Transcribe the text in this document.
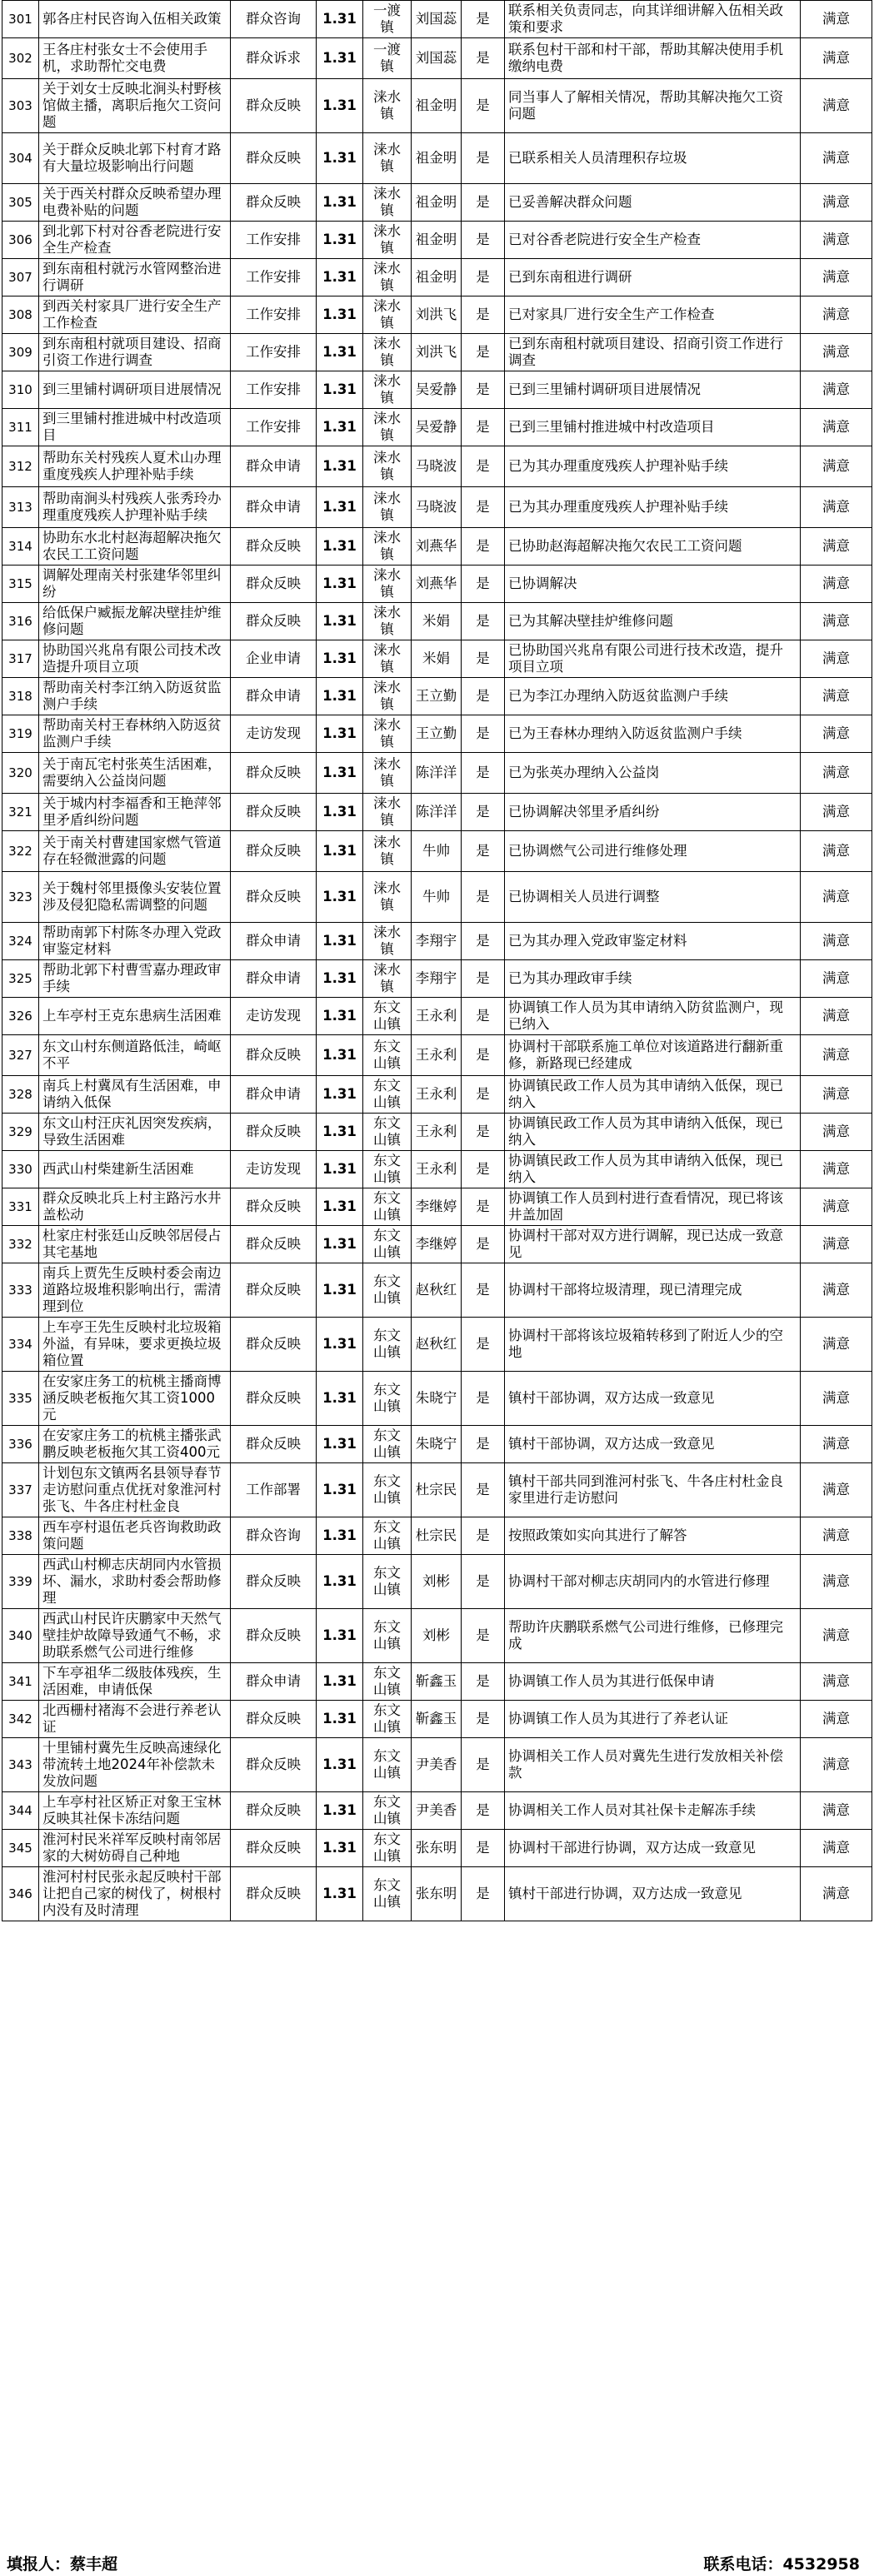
301	郭各庄村民咨询入伍相关政策	群众咨询	1.31	一渡镇	刘国蕊	是	联系相关负责同志，向其详细讲解入伍相关政策和要求	满意
302	王各庄村张女士不会使用手机，求助帮忙交电费	群众诉求	1.31	一渡镇	刘国蕊	是	联系包村干部和村干部，帮助其解决使用手机缴纳电费	满意
303	关于刘女士反映北涧头村野核馆做主播，离职后拖欠工资问题	群众反映	1.31	涞水镇	祖金明	是	同当事人了解相关情况，帮助其解决拖欠工资问题	满意
304	关于群众反映北郭下村育才路有大量垃圾影响出行问题	群众反映	1.31	涞水镇	祖金明	是	已联系相关人员清理积存垃圾	满意
305	关于西关村群众反映希望办理电费补贴的问题	群众反映	1.31	涞水镇	祖金明	是	已妥善解决群众问题	满意
306	到北郭下村对谷香老院进行安全生产检查	工作安排	1.31	涞水镇	祖金明	是	已对谷香老院进行安全生产检查	满意
307	到东南租村就污水管网整治进行调研	工作安排	1.31	涞水镇	祖金明	是	已到东南租进行调研	满意
308	到西关村家具厂进行安全生产工作检查	工作安排	1.31	涞水镇	刘洪飞	是	已对家具厂进行安全生产工作检查	满意
309	到东南租村就项目建设、招商引资工作进行调查	工作安排	1.31	涞水镇	刘洪飞	是	已到东南租村就项目建设、招商引资工作进行调查	满意
310	到三里铺村调研项目进展情况	工作安排	1.31	涞水镇	吴爱静	是	已到三里铺村调研项目进展情况	满意
311	到三里铺村推进城中村改造项目	工作安排	1.31	涞水镇	吴爱静	是	已到三里铺村推进城中村改造项目	满意
312	帮助东关村残疾人夏术山办理重度残疾人护理补贴手续	群众申请	1.31	涞水镇	马晓波	是	已为其办理重度残疾人护理补贴手续	满意
313	帮助南涧头村残疾人张秀玲办理重度残疾人护理补贴手续	群众申请	1.31	涞水镇	马晓波	是	已为其办理重度残疾人护理补贴手续	满意
314	协助东水北村赵海超解决拖欠农民工工资问题	群众反映	1.31	涞水镇	刘燕华	是	已协助赵海超解决拖欠农民工工资问题	满意
315	调解处理南关村张建华邻里纠纷	群众反映	1.31	涞水镇	刘燕华	是	已协调解决	满意
316	给低保户臧振龙解决壁挂炉维修问题	群众反映	1.31	涞水镇	米娟	是	已为其解决壁挂炉维修问题	满意
317	协助国兴兆帛有限公司技术改造提升项目立项	企业申请	1.31	涞水镇	米娟	是	已协助国兴兆帛有限公司进行技术改造，提升项目立项	满意
318	帮助南关村李江纳入防返贫监测户手续	群众申请	1.31	涞水镇	王立勤	是	已为李江办理纳入防返贫监测户手续	满意
319	帮助南关村王春林纳入防返贫监测户手续	走访发现	1.31	涞水镇	王立勤	是	已为王春林办理纳入防返贫监测户手续	满意
320	关于南瓦宅村张英生活困难，需要纳入公益岗问题	群众反映	1.31	涞水镇	陈洋洋	是	已为张英办理纳入公益岗	满意
321	关于城内村李福香和王艳萍邻里矛盾纠纷问题	群众反映	1.31	涞水镇	陈洋洋	是	已协调解决邻里矛盾纠纷	满意
322	关于南关村曹建国家燃气管道存在轻微泄露的问题	群众反映	1.31	涞水镇	牛帅	是	已协调燃气公司进行维修处理	满意
323	关于魏村邻里摄像头安装位置涉及侵犯隐私需调整的问题	群众反映	1.31	涞水镇	牛帅	是	已协调相关人员进行调整	满意
324	帮助南郭下村陈冬办理入党政审鉴定材料	群众申请	1.31	涞水镇	李翔宇	是	已为其办理入党政审鉴定材料	满意
325	帮助北郭下村曹雪嘉办理政审手续	群众申请	1.31	涞水镇	李翔宇	是	已为其办理政审手续	满意
326	上车亭村王克东患病生活困难	走访发现	1.31	东文山镇	王永利	是	协调镇工作人员为其申请纳入防贫监测户，现已纳入	满意
327	东文山村东侧道路低洼，崎岖不平	群众反映	1.31	东文山镇	王永利	是	协调村干部联系施工单位对该道路进行翻新重修，新路现已经建成	满意
328	南兵上村冀凤有生活困难，申请纳入低保	群众申请	1.31	东文山镇	王永利	是	协调镇民政工作人员为其申请纳入低保，现已纳入	满意
329	东文山村汪庆礼因突发疾病，导致生活困难	群众反映	1.31	东文山镇	王永利	是	协调镇民政工作人员为其申请纳入低保，现已纳入	满意
330	西武山村柴建新生活困难	走访发现	1.31	东文山镇	王永利	是	协调镇民政工作人员为其申请纳入低保，现已纳入	满意
331	群众反映北兵上村主路污水井盖松动	群众反映	1.31	东文山镇	李继婷	是	协调镇工作人员到村进行查看情况，现已将该井盖加固	满意
332	杜家庄村张廷山反映邻居侵占其宅基地	群众反映	1.31	东文山镇	李继婷	是	协调村干部对双方进行调解，现已达成一致意见	满意
333	南兵上贾先生反映村委会南边道路垃圾堆积影响出行，需清理到位	群众反映	1.31	东文山镇	赵秋红	是	协调村干部将垃圾清理，现已清理完成	满意
334	上车亭王先生反映村北垃圾箱外溢，有异味，要求更换垃圾箱位置	群众反映	1.31	东文山镇	赵秋红	是	协调村干部将该垃圾箱转移到了附近人少的空地	满意
335	在安家庄务工的杭桃主播商博涵反映老板拖欠其工资1000元	群众反映	1.31	东文山镇	朱晓宁	是	镇村干部协调，双方达成一致意见	满意
336	在安家庄务工的杭桃主播张武鹏反映老板拖欠其工资400元	群众反映	1.31	东文山镇	朱晓宁	是	镇村干部协调，双方达成一致意见	满意
337	计划包东文镇两名县领导春节走访慰问重点优抚对象淮河村张飞、牛各庄村杜金良	工作部署	1.31	东文山镇	杜宗民	是	镇村干部共同到淮河村张飞、牛各庄村杜金良家里进行走访慰问	满意
338	西车亭村退伍老兵咨询救助政策问题	群众咨询	1.31	东文山镇	杜宗民	是	按照政策如实向其进行了解答	满意
339	西武山村柳志庆胡同内水管损坏、漏水，求助村委会帮助修理	群众反映	1.31	东文山镇	刘彬	是	协调村干部对柳志庆胡同内的水管进行修理	满意
340	西武山村民许庆鹏家中天然气壁挂炉故障导致通气不畅，求助联系燃气公司进行维修	群众反映	1.31	东文山镇	刘彬	是	帮助许庆鹏联系燃气公司进行维修，已修理完成	满意
341	下车亭祖华二级肢体残疾，生活困难，申请低保	群众申请	1.31	东文山镇	靳鑫玉	是	协调镇工作人员为其进行低保申请	满意
342	北西栅村褚海不会进行养老认证	群众反映	1.31	东文山镇	靳鑫玉	是	协调镇工作人员为其进行了养老认证	满意
343	十里铺村冀先生反映高速绿化带流转土地2024年补偿款未发放问题	群众反映	1.31	东文山镇	尹美香	是	协调相关工作人员对冀先生进行发放相关补偿款	满意
344	上车亭村社区矫正对象王宝林反映其社保卡冻结问题	群众反映	1.31	东文山镇	尹美香	是	协调相关工作人员对其社保卡走解冻手续	满意
345	淮河村民米祥军反映村南邻居家的大树妨碍自己种地	群众反映	1.31	东文山镇	张东明	是	协调村干部进行协调，双方达成一致意见	满意
346	淮河村村民张永起反映村干部让把自己家的树伐了，树根村内没有及时清理	群众反映	1.31	东文山镇	张东明	是	镇村干部进行协调，双方达成一致意见	满意
填报人：蔡丰超	联系电话：4532958
